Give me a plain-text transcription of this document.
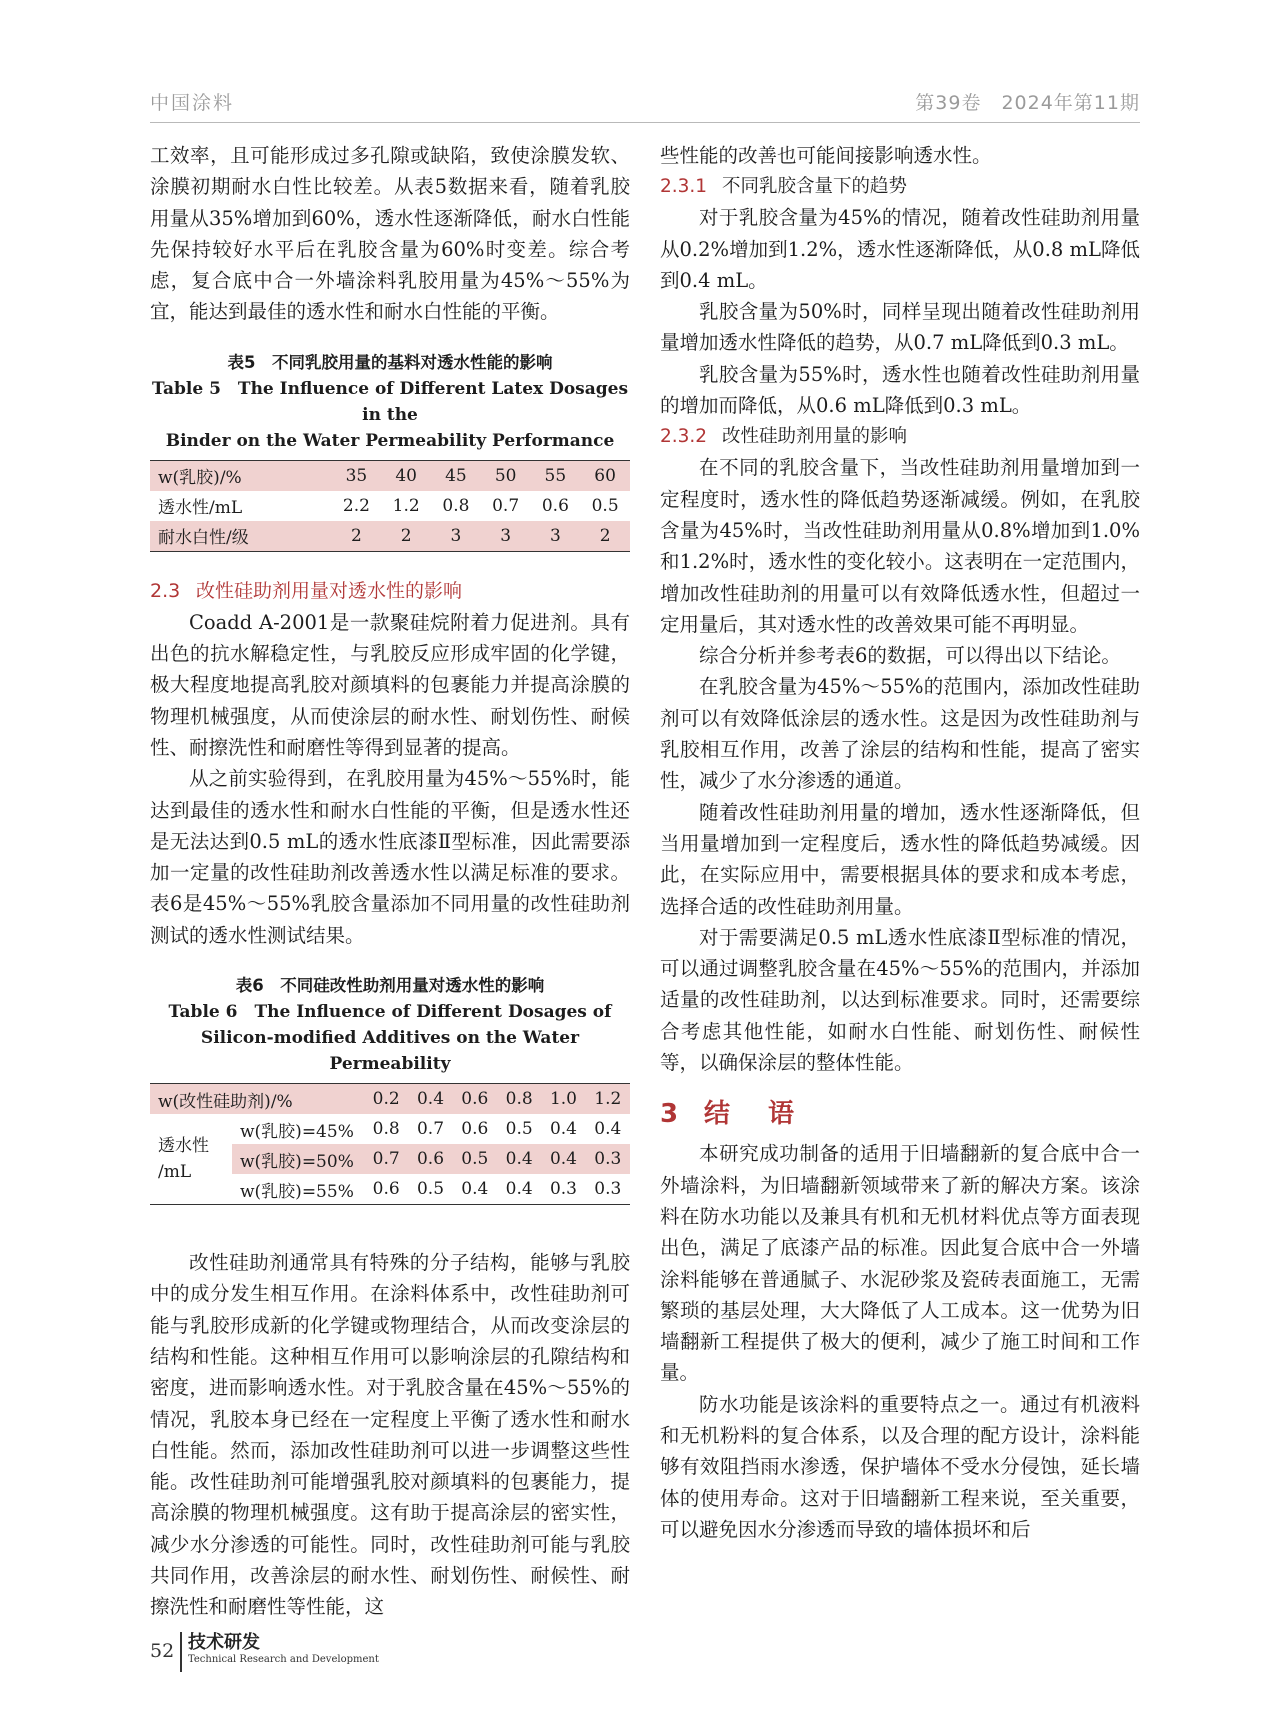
中国涂料	第39卷　2024年第11期

工效率，且可能形成过多孔隙或缺陷，致使涂膜发软、涂膜初期耐水白性比较差。从表5数据来看，随着乳胶用量从35%增加到60%，透水性逐渐降低，耐水白性能先保持较好水平后在乳胶含量为60%时变差。综合考虑，复合底中合一外墙涂料乳胶用量为45%～55%为宜，能达到最佳的透水性和耐水白性能的平衡。

表5　不同乳胶用量的基料对透水性能的影响

Table 5　The Influence of Different Latex Dosages in the

Binder on the Water Permeability Performance

w(乳胶)/%	35	40	45	50	55	60
透水性/mL	2.2	1.2	0.8	0.7	0.6	0.5
耐水白性/级	2	2	3	3	3	2

2.3 改性硅助剂用量对透水性的影响

Coadd A-2001是一款聚硅烷附着力促进剂。具有出色的抗水解稳定性，与乳胶反应形成牢固的化学键，极大程度地提高乳胶对颜填料的包裹能力并提高涂膜的物理机械强度，从而使涂层的耐水性、耐划伤性、耐候性、耐擦洗性和耐磨性等得到显著的提高。

从之前实验得到，在乳胶用量为45%～55%时，能达到最佳的透水性和耐水白性能的平衡，但是透水性还是无法达到0.5 mL的透水性底漆Ⅱ型标准，因此需要添加一定量的改性硅助剂改善透水性以满足标准的要求。表6是45%～55%乳胶含量添加不同用量的改性硅助剂测试的透水性测试结果。

表6　不同硅改性助剂用量对透水性的影响

Table 6　The Influence of Different Dosages of

Silicon-modified Additives on the Water Permeability

w(改性硅助剂)/%		0.2	0.4	0.6	0.8	1.0	1.2
透水性
/mL	w(乳胶)=45%	0.8	0.7	0.6	0.5	0.4	0.4
	w(乳胶)=50%	0.7	0.6	0.5	0.4	0.4	0.3
	w(乳胶)=55%	0.6	0.5	0.4	0.4	0.3	0.3

改性硅助剂通常具有特殊的分子结构，能够与乳胶中的成分发生相互作用。在涂料体系中，改性硅助剂可能与乳胶形成新的化学键或物理结合，从而改变涂层的结构和性能。这种相互作用可以影响涂层的孔隙结构和密度，进而影响透水性。对于乳胶含量在45%～55%的情况，乳胶本身已经在一定程度上平衡了透水性和耐水白性能。然而，添加改性硅助剂可以进一步调整这些性能。改性硅助剂可能增强乳胶对颜填料的包裹能力，提高涂膜的物理机械强度。这有助于提高涂层的密实性，减少水分渗透的可能性。同时，改性硅助剂可能与乳胶共同作用，改善涂层的耐水性、耐划伤性、耐候性、耐擦洗性和耐磨性等性能，这

些性能的改善也可能间接影响透水性。

2.3.1 不同乳胶含量下的趋势

对于乳胶含量为45%的情况，随着改性硅助剂用量从0.2%增加到1.2%，透水性逐渐降低，从0.8 mL降低到0.4 mL。

乳胶含量为50%时，同样呈现出随着改性硅助剂用量增加透水性降低的趋势，从0.7 mL降低到0.3 mL。

乳胶含量为55%时，透水性也随着改性硅助剂用量的增加而降低，从0.6 mL降低到0.3 mL。

2.3.2 改性硅助剂用量的影响

在不同的乳胶含量下，当改性硅助剂用量增加到一定程度时，透水性的降低趋势逐渐减缓。例如，在乳胶含量为45%时，当改性硅助剂用量从0.8%增加到1.0%和1.2%时，透水性的变化较小。这表明在一定范围内，增加改性硅助剂的用量可以有效降低透水性，但超过一定用量后，其对透水性的改善效果可能不再明显。

综合分析并参考表6的数据，可以得出以下结论。

在乳胶含量为45%～55%的范围内，添加改性硅助剂可以有效降低涂层的透水性。这是因为改性硅助剂与乳胶相互作用，改善了涂层的结构和性能，提高了密实性，减少了水分渗透的通道。

随着改性硅助剂用量的增加，透水性逐渐降低，但当用量增加到一定程度后，透水性的降低趋势减缓。因此，在实际应用中，需要根据具体的要求和成本考虑，选择合适的改性硅助剂用量。

对于需要满足0.5 mL透水性底漆Ⅱ型标准的情况，可以通过调整乳胶含量在45%～55%的范围内，并添加适量的改性硅助剂，以达到标准要求。同时，还需要综合考虑其他性能，如耐水白性能、耐划伤性、耐候性等，以确保涂层的整体性能。

3 结　语

本研究成功制备的适用于旧墙翻新的复合底中合一外墙涂料，为旧墙翻新领域带来了新的解决方案。该涂料在防水功能以及兼具有机和无机材料优点等方面表现出色，满足了底漆产品的标准。因此复合底中合一外墙涂料能够在普通腻子、水泥砂浆及瓷砖表面施工，无需繁琐的基层处理，大大降低了人工成本。这一优势为旧墙翻新工程提供了极大的便利，减少了施工时间和工作量。

防水功能是该涂料的重要特点之一。通过有机液料和无机粉料的复合体系，以及合理的配方设计，涂料能够有效阻挡雨水渗透，保护墙体不受水分侵蚀，延长墙体的使用寿命。这对于旧墙翻新工程来说，至关重要，可以避免因水分渗透而导致的墙体损坏和后

52 技术研发
Technical Research and Development
